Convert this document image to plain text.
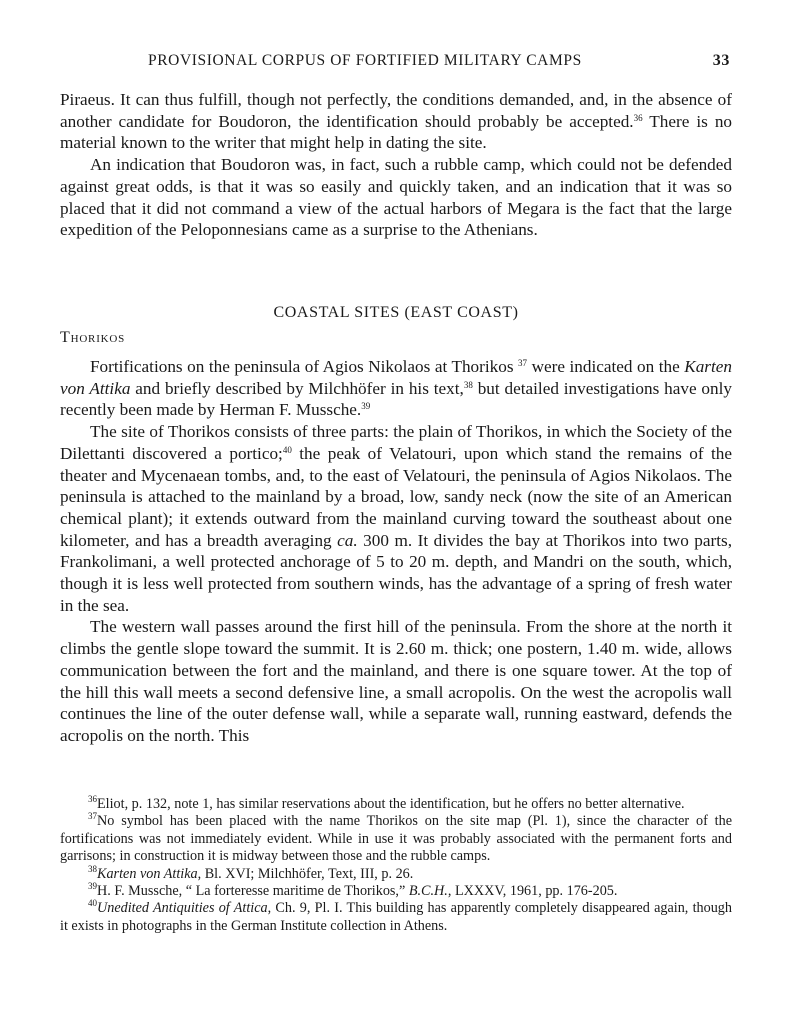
PROVISIONAL CORPUS OF FORTIFIED MILITARY CAMPS	33

Piraeus. It can thus fulfill, though not perfectly, the conditions demanded, and, in the absence of another candidate for Boudoron, the identification should probably be accepted.$^{36}$ There is no material known to the writer that might help in dating the site.

An indication that Boudoron was, in fact, such a rubble camp, which could not be defended against great odds, is that it was so easily and quickly taken, and an indication that it was so placed that it did not command a view of the actual harbors of Megara is the fact that the large expedition of the Peloponnesians came as a surprise to the Athenians.

COASTAL SITES (EAST COAST)
Thorikos

Fortifications on the peninsula of Agios Nikolaos at Thorikos $^{37}$ were indicated on the Karten von Attika and briefly described by Milchhöfer in his text,$^{38}$ but detailed investigations have only recently been made by Herman F. Mussche.$^{39}$

The site of Thorikos consists of three parts: the plain of Thorikos, in which the Society of the Dilettanti discovered a portico;$^{40}$ the peak of Velatouri, upon which stand the remains of the theater and Mycenaean tombs, and, to the east of Velatouri, the peninsula of Agios Nikolaos. The peninsula is attached to the mainland by a broad, low, sandy neck (now the site of an American chemical plant); it extends outward from the mainland curving toward the southeast about one kilometer, and has a breadth averaging ca. 300 m. It divides the bay at Thorikos into two parts, Frankolimani, a well protected anchorage of 5 to 20 m. depth, and Mandri on the south, which, though it is less well protected from southern winds, has the advantage of a spring of fresh water in the sea.

The western wall passes around the first hill of the peninsula. From the shore at the north it climbs the gentle slope toward the summit. It is 2.60 m. thick; one postern, 1.40 m. wide, allows communication between the fort and the mainland, and there is one square tower. At the top of the hill this wall meets a second defensive line, a small acropolis. On the west the acropolis wall continues the line of the outer defense wall, while a separate wall, running eastward, defends the acropolis on the north. This

$^{36}$Eliot, p. 132, note 1, has similar reservations about the identification, but he offers no better alternative.

$^{37}$No symbol has been placed with the name Thorikos on the site map (Pl. 1), since the character of the fortifications was not immediately evident. While in use it was probably associated with the permanent forts and garrisons; in construction it is midway between those and the rubble camps.

$^{38}$Karten von Attika, Bl. XVI; Milchhöfer, Text, III, p. 26.

$^{39}$H. F. Mussche, “ La forteresse maritime de Thorikos,” B.C.H., LXXXV, 1961, pp. 176-205.

$^{40}$Unedited Antiquities of Attica, Ch. 9, Pl. I. This building has apparently completely disappeared again, though it exists in photographs in the German Institute collection in Athens.
